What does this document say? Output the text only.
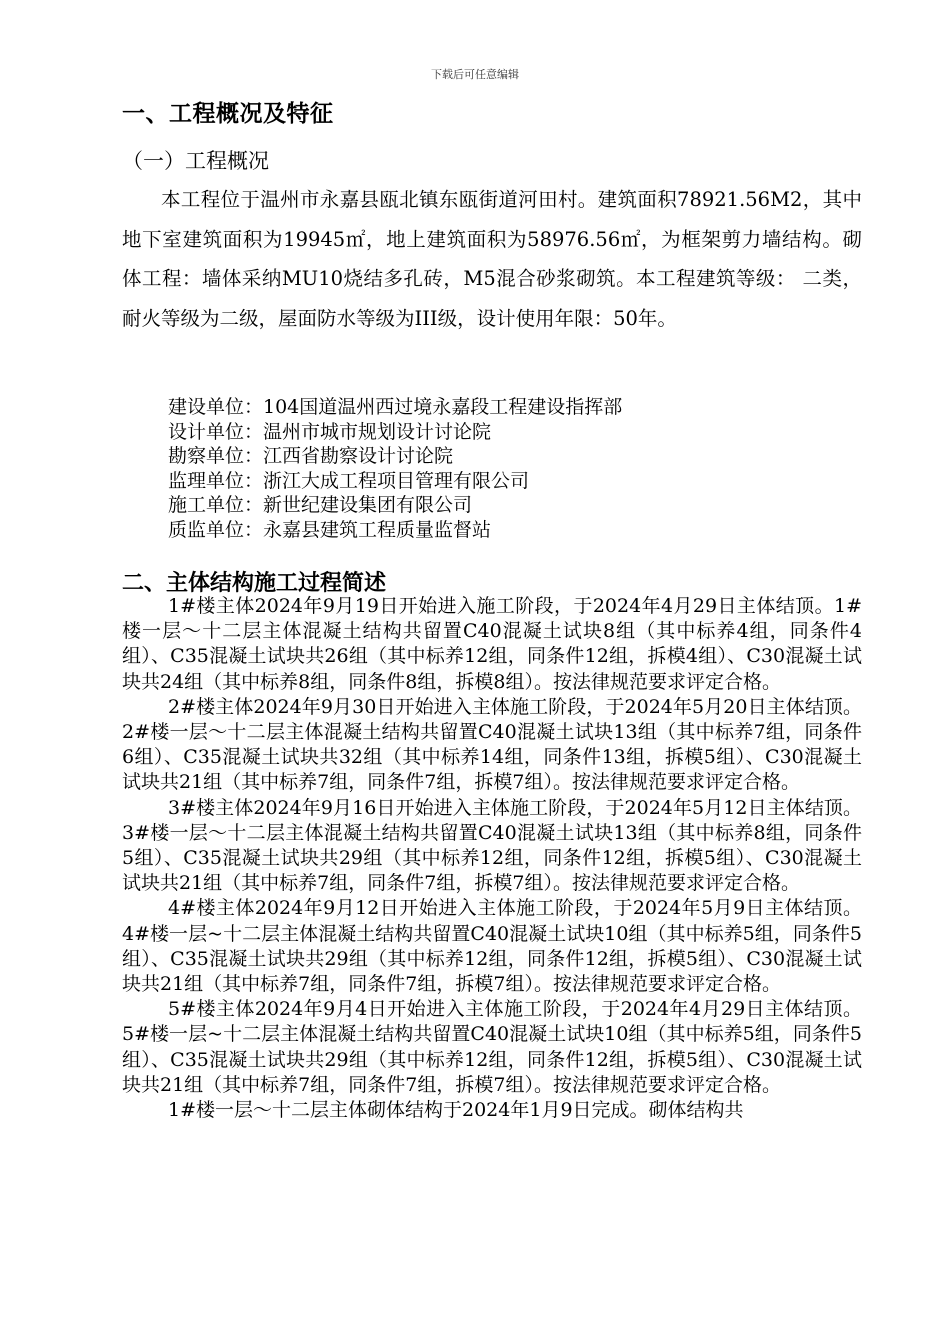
下载后可任意编辑
一、工程概况及特征
（一）工程概况

本工程位于温州市永嘉县瓯北镇东瓯街道河田村。建筑面积78921.56M2，其中地下室建筑面积为19945㎡，地上建筑面积为58976.56㎡，为框架剪力墙结构。砌体工程：墙体采纳MU10烧结多孔砖，M5混合砂浆砌筑。本工程建筑等级： 二类，耐火等级为二级，屋面防水等级为III级，设计使用年限：50年。

建设单位：104国道温州西过境永嘉段工程建设指挥部
设计单位：温州市城市规划设计讨论院
勘察单位：江西省勘察设计讨论院
监理单位：浙江大成工程项目管理有限公司
施工单位：新世纪建设集团有限公司
质监单位：永嘉县建筑工程质量监督站
二、主体结构施工过程简述

1#楼主体2024年9月19日开始进入施工阶段，于2024年4月29日主体结顶。1#楼一层～十二层主体混凝土结构共留置C40混凝土试块8组（其中标养4组，同条件4组）、C35混凝土试块共26组（其中标养12组，同条件12组，拆模4组）、C30混凝土试块共24组（其中标养8组，同条件8组，拆模8组）。按法律规范要求评定合格。

2#楼主体2024年9月30日开始进入主体施工阶段，于2024年5月20日主体结顶。2#楼一层～十二层主体混凝土结构共留置C40混凝土试块13组（其中标养7组，同条件6组）、C35混凝土试块共32组（其中标养14组，同条件13组，拆模5组）、C30混凝土试块共21组（其中标养7组，同条件7组，拆模7组）。按法律规范要求评定合格。

3#楼主体2024年9月16日开始进入主体施工阶段，于2024年5月12日主体结顶。3#楼一层～十二层主体混凝土结构共留置C40混凝土试块13组（其中标养8组，同条件5组）、C35混凝土试块共29组（其中标养12组，同条件12组，拆模5组）、C30混凝土试块共21组（其中标养7组，同条件7组，拆模7组）。按法律规范要求评定合格。

4#楼主体2024年9月12日开始进入主体施工阶段，于2024年5月9日主体结顶。4#楼一层~十二层主体混凝土结构共留置C40混凝土试块10组（其中标养5组，同条件5组）、C35混凝土试块共29组（其中标养12组，同条件12组，拆模5组）、C30混凝土试块共21组（其中标养7组，同条件7组，拆模7组）。按法律规范要求评定合格。

5#楼主体2024年9月4日开始进入主体施工阶段，于2024年4月29日主体结顶。5#楼一层~十二层主体混凝土结构共留置C40混凝土试块10组（其中标养5组，同条件5组）、C35混凝土试块共29组（其中标养12组，同条件12组，拆模5组）、C30混凝土试块共21组（其中标养7组，同条件7组，拆模7组）。按法律规范要求评定合格。

1#楼一层～十二层主体砌体结构于2024年1月9日完成。砌体结构共
